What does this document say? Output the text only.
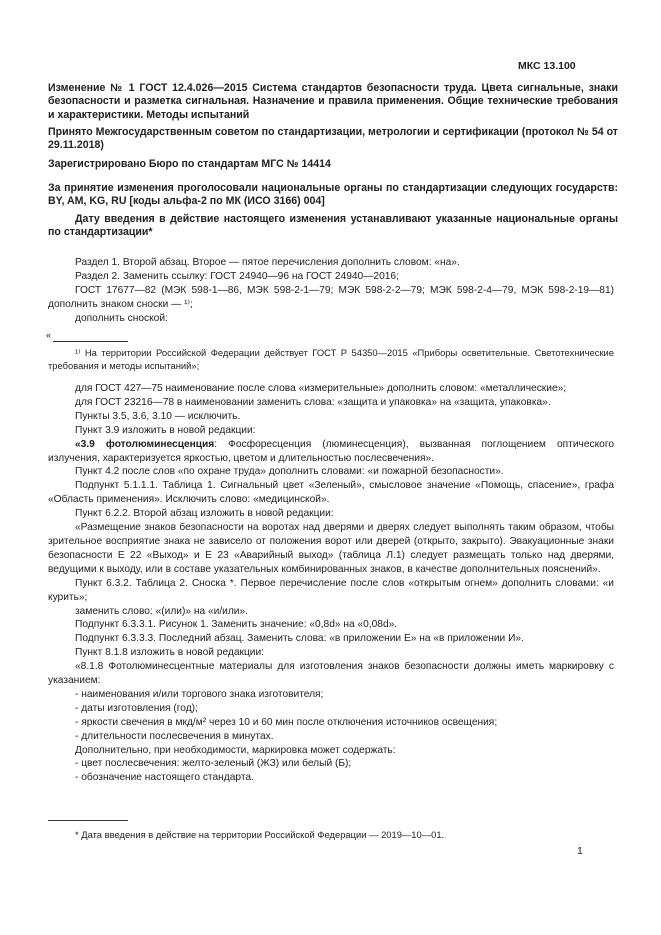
МКС 13.100
Изменение № 1 ГОСТ 12.4.026—2015 Система стандартов безопасности труда. Цвета сигнальные, знаки безопасности и разметка сигнальная. Назначение и правила применения. Общие технические требования и характеристики. Методы испытаний
Принято Межгосударственным советом по стандартизации, метрологии и сертификации (протокол № 54 от 29.11.2018)
Зарегистрировано Бюро по стандартам МГС № 14414
За принятие изменения проголосовали национальные органы по стандартизации следующих государств: BY, AM, KG, RU [коды альфа-2 по МК (ИСО 3166) 004]
Дату введения в действие настоящего изменения устанавливают указанные национальные органы по стандартизации*

Раздел 1. Второй абзац. Второе — пятое перечисления дополнить словом: «на».

Раздел 2. Заменить ссылку: ГОСТ 24940—96 на ГОСТ 24940—2016;

ГОСТ 17677—82 (МЭК 598-1—86, МЭК 598-2-1—79; МЭК 598-2-2—79; МЭК 598-2-4—79, МЭК 598-2-19—81) дополнить знаком сноски — ¹⁾;

дополнить сноской:

«

¹⁾ На территории Российской Федерации действует ГОСТ Р 54350—2015 «Приборы осветительные. Светотехнические требования и методы испытаний»;

для ГОСТ 427—75 наименование после слова «измерительные» дополнить словом: «металлические»;

для ГОСТ 23216—78 в наименовании заменить слова: «защита и упаковка» на «защита, упаковка».

Пункты 3.5, 3.6, 3.10 — исключить.

Пункт 3.9 изложить в новой редакции:

«3.9 фотолюминесценция: Фосфоресценция (люминесценция), вызванная поглощением оптического излучения, характеризуется яркостью, цветом и длительностью послесвечения».

Пункт 4.2 после слов «по охране труда» дополнить словами: «и пожарной безопасности».

Подпункт 5.1.1.1. Таблица 1. Сигнальный цвет «Зеленый», смысловое значение «Помощь, спасение», графа «Область применения». Исключить слово: «медицинской».

Пункт 6.2.2. Второй абзац изложить в новой редакции:

«Размещение знаков безопасности на воротах над дверями и дверях следует выполнять таким образом, чтобы зрительное восприятие знака не зависело от положения ворот или дверей (открыто, закрыто). Эвакуационные знаки безопасности Е 22 «Выход» и Е 23 «Аварийный выход» (таблица Л.1) следует размещать только над дверями, ведущими к выходу, или в составе указательных комбинированных знаков, в качестве дополнительных пояснений».

Пункт 6.3.2. Таблица 2. Сноска *. Первое перечисление после слов «открытым огнем» дополнить словами: «и курить»;

заменить слово: «(или)» на «и/или».

Подпункт 6.3.3.1. Рисунок 1. Заменить значение: «0,8d» на «0,08d».

Подпункт 6.3.3.3. Последний абзац. Заменить слова: «в приложении Е» на «в приложении И».

Пункт 8.1.8 изложить в новой редакции:

«8.1.8 Фотолюминесцентные материалы для изготовления знаков безопасности должны иметь маркировку с указанием:

- наименования и/или торгового знака изготовителя;

- даты изготовления (год);

- яркости свечения в мкд/м² через 10 и 60 мин после отключения источников освещения;

- длительности послесвечения в минутах.

Дополнительно, при необходимости, маркировка может содержать:

- цвет послесвечения: желто-зеленый (ЖЗ) или белый (Б);

- обозначение настоящего стандарта.

* Дата введения в действие на территории Российской Федерации — 2019—10—01.

1
